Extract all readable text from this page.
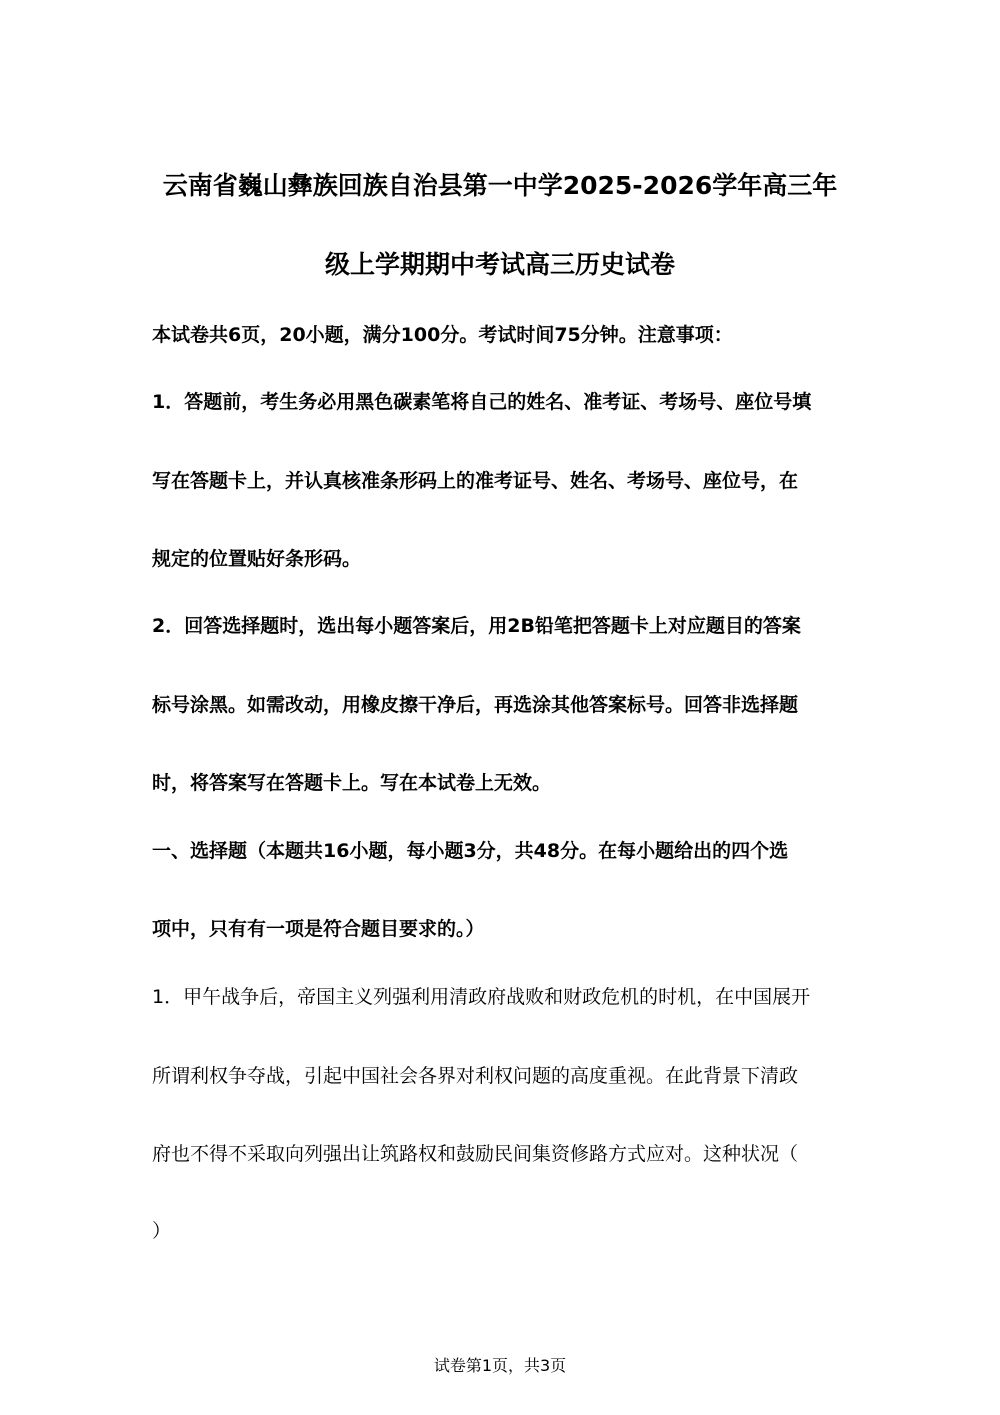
云南省巍山彝族回族自治县第一中学2025-2026学年高三年
级上学期期中考试高三历史试卷
本试卷共6页，20小题，满分100分。考试时间75分钟。注意事项：
1．答题前，考生务必用黑色碳素笔将自己的姓名、准考证、考场号、座位号填
写在答题卡上，并认真核准条形码上的准考证号、姓名、考场号、座位号，在
规定的位置贴好条形码。
2．回答选择题时，选出每小题答案后，用2B铅笔把答题卡上对应题目的答案
标号涂黑。如需改动，用橡皮擦干净后，再选涂其他答案标号。回答非选择题
时，将答案写在答题卡上。写在本试卷上无效。
一、选择题（本题共16小题，每小题3分，共48分。在每小题给出的四个选
项中，只有有一项是符合题目要求的。）
1．甲午战争后，帝国主义列强利用清政府战败和财政危机的时机，在中国展开
所谓利权争夺战，引起中国社会各界对利权问题的高度重视。在此背景下清政
府也不得不采取向列强出让筑路权和鼓励民间集资修路方式应对。这种状况（
）
试卷第1页，共3页
